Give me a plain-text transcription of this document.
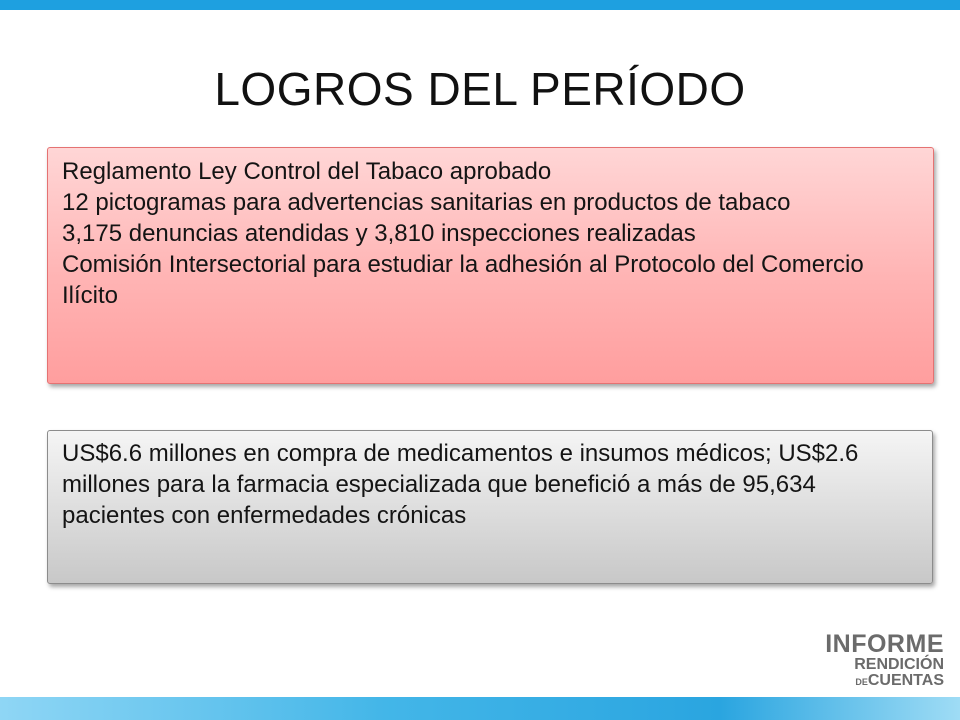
LOGROS DEL PERÍODO
Reglamento Ley Control del Tabaco aprobado
12 pictogramas para advertencias sanitarias en productos de tabaco
3,175 denuncias atendidas y 3,810 inspecciones realizadas
Comisión Intersectorial para estudiar la adhesión al Protocolo del Comercio Ilícito
US$6.6 millones en compra de medicamentos e insumos médicos; US$2.6 millones para la farmacia especializada que benefició a más de 95,634 pacientes con enfermedades crónicas
INFORME
RENDICIÓN
DECUENTAS
